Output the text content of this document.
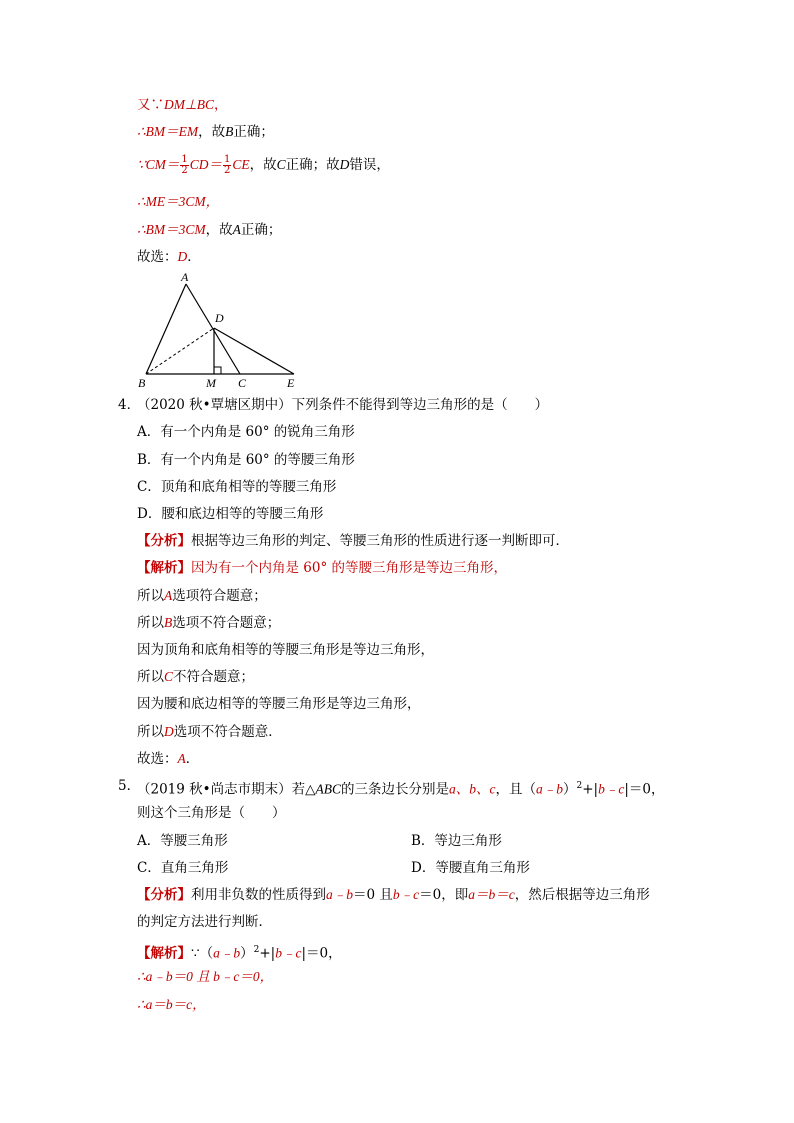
又∵DM⊥BC，
∴BM＝EM，故B正确；
∵CM＝ $\frac{1}{2} CD= \frac{1}{2}$ CE，故C正确；故D错误，
∴ME＝3CM，
∴BM＝3CM，故A正确；
故选：D．
A
D
B	M C	E
4．
（2020 秋•覃塘区期中）下列条件不能得到等边三角形的是（　　）
A．有一个内角是 60° 的锐角三角形
B．有一个内角是 60° 的等腰三角形
C．顶角和底角相等的等腰三角形
D．腰和底边相等的等腰三角形
【分析】根据等边三角形的判定、等腰三角形的性质进行逐一判断即可．
【解析】因为有一个内角是 60° 的等腰三角形是等边三角形，
所以A选项符合题意；
所以B选项不符合题意；
因为顶角和底角相等的等腰三角形是等边三角形，
所以C不符合题意；
因为腰和底边相等的等腰三角形是等边三角形，
所以D选项不符合题意．
故选：A．
5．
（2019 秋•尚志市期末）若△ABC的三条边长分别是a、b、c，且（a﹣b）$^2$+|b﹣c|＝0，
则这个三角形是（　　）
A．等腰三角形	B．等边三角形
C．直角三角形	D．等腰直角三角形
【分析】利用非负数的性质得到a﹣b＝0 且b﹣c＝0，即a＝b＝c，然后根据等边三角形
的判定方法进行判断．
【解析】∵（a﹣b）$^2$+|b﹣c|＝0，
∴a﹣b＝0 且 b﹣c＝0，
∴a＝b＝c，
